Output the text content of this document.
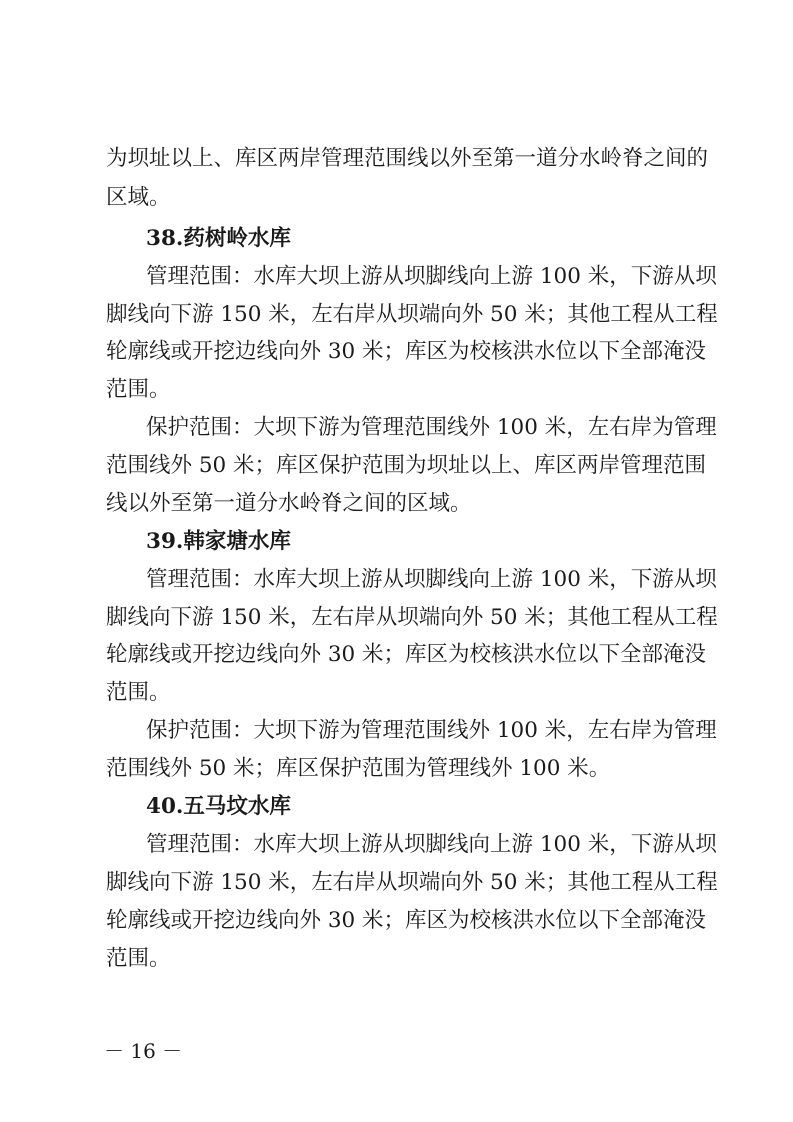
为坝址以上、库区两岸管理范围线以外至第一道分水岭脊之间的
区域。
38.药树岭水库
管理范围：水库大坝上游从坝脚线向上游 100 米，下游从坝
脚线向下游 150 米，左右岸从坝端向外 50 米；其他工程从工程
轮廓线或开挖边线向外 30 米；库区为校核洪水位以下全部淹没
范围。
保护范围：大坝下游为管理范围线外 100 米，左右岸为管理
范围线外 50 米；库区保护范围为坝址以上、库区两岸管理范围
线以外至第一道分水岭脊之间的区域。
39.韩家塘水库
管理范围：水库大坝上游从坝脚线向上游 100 米，下游从坝
脚线向下游 150 米，左右岸从坝端向外 50 米；其他工程从工程
轮廓线或开挖边线向外 30 米；库区为校核洪水位以下全部淹没
范围。
保护范围：大坝下游为管理范围线外 100 米，左右岸为管理
范围线外 50 米；库区保护范围为管理线外 100 米。
40.五马坟水库
管理范围：水库大坝上游从坝脚线向上游 100 米，下游从坝
脚线向下游 150 米，左右岸从坝端向外 50 米；其他工程从工程
轮廓线或开挖边线向外 30 米；库区为校核洪水位以下全部淹没
范围。
－ 16 －
